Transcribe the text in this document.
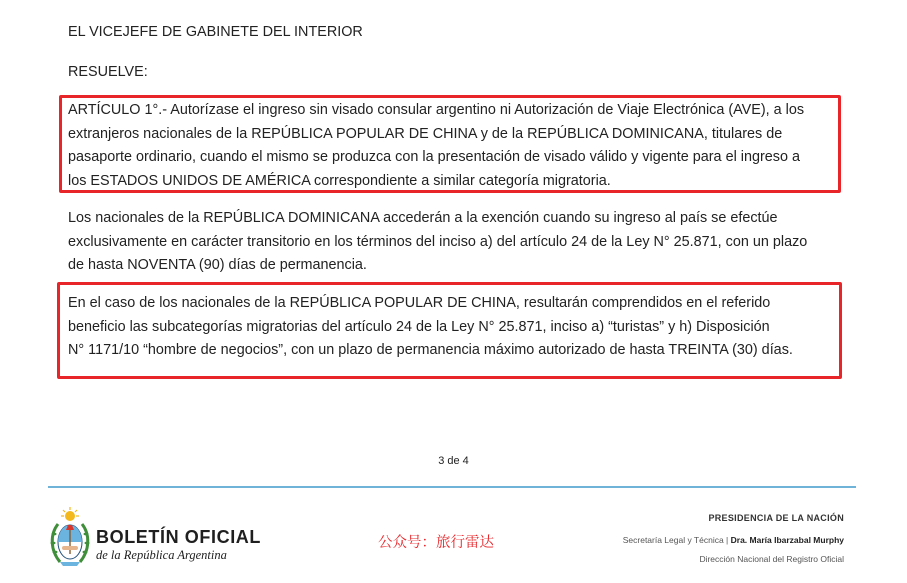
EL VICEJEFE DE GABINETE DEL INTERIOR
RESUELVE:
ARTÍCULO 1°.- Autorízase el ingreso sin visado consular argentino ni Autorización de Viaje Electrónica (AVE), a los
extranjeros nacionales de la REPÚBLICA POPULAR DE CHINA y de la REPÚBLICA DOMINICANA, titulares de
pasaporte ordinario, cuando el mismo se produzca con la presentación de visado válido y vigente para el ingreso a
los ESTADOS UNIDOS DE AMÉRICA correspondiente a similar categoría migratoria.
Los nacionales de la REPÚBLICA DOMINICANA accederán a la exención cuando su ingreso al país se efectúe
exclusivamente en carácter transitorio en los términos del inciso a) del artículo 24 de la Ley N° 25.871, con un plazo
de hasta NOVENTA (90) días de permanencia.
En el caso de los nacionales de la REPÚBLICA POPULAR DE CHINA, resultarán comprendidos en el referido
beneficio las subcategorías migratorias del artículo 24 de la Ley N° 25.871, inciso a) “turistas” y h) Disposición
N° 1171/10 “hombre de negocios”, con un plazo de permanencia máximo autorizado de hasta TREINTA (30) días.
3 de 4
BOLETÍN OFICIAL
de la República Argentina
公众号：旅行雷达
PRESIDENCIA DE LA NACIÓN
Secretaría Legal y Técnica | Dra. María Ibarzabal Murphy
Dirección Nacional del Registro Oficial
